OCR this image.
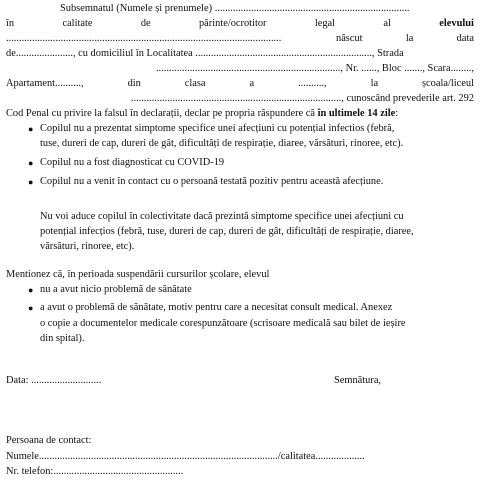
Subsemnatul (Numele și prenumele) ...........................................................................
în	calitate	de	părinte/ocrotitor	legal	al	elevului
..........................................................................................................	născut	la	data
de......................, cu domiciliul în Localitatea ...................................................................., Strada
......................................................................., Nr. ......, Bloc ......., Scara........,
Apartament..........,	din	clasa	a	..........,	la	școala/liceul
................................................................................., cunoscând prevederile art. 292
Cod Penal cu privire la falsul în declarații, declar pe propria răspundere că în ultimele 14 zile:
● Copilul nu a prezentat simptome specifice unei afecțiuni cu potențial infectios (febră,
tuse, dureri de cap, dureri de gât, dificultăți de respirație, diaree, vărsături, rinoree, etc).
● Copilul nu a fost diagnosticat cu COVID-19
● Copilul nu a venit în contact cu o persoană testată pozitiv pentru această afecțiune.
Nu voi aduce copilul în colectivitate dacă prezintă simptome specifice unei afecțiuni cu
potențial infecțios (febră, tuse, dureri de cap, dureri de gât, dificultăți de respirație, diaree,
vărsături, rinoree, etc).
Mentionez că, în perioada suspendării cursurilor școlare, elevul
● nu a avut nicio problemă de sănătate
● a avut o problemă de sănătate, motiv pentru care a necesitat consult medical. Anexez
o copie a documentelor medicale corespunzătoare (scrisoare medicală sau bilet de ieșire
din spital).
Data: ...........................	Semnătura,
Persoana de contact:
Numele............................................................................................/calitatea...................
Nr. telefon:..................................................
